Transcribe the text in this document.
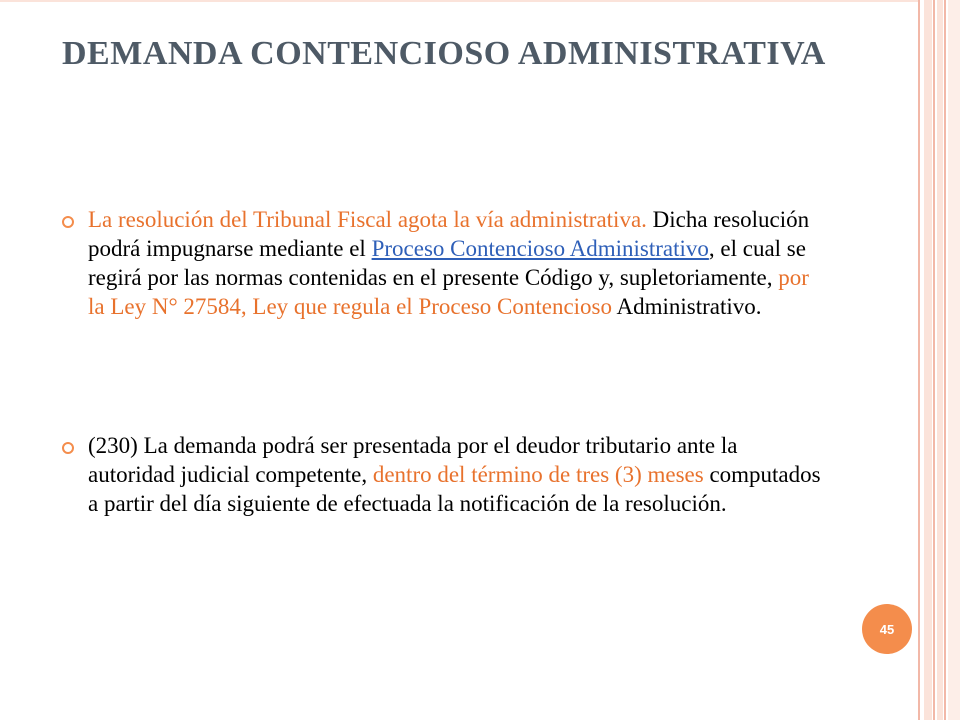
DEMANDA CONTENCIOSO ADMINISTRATIVA
La resolución del Tribunal Fiscal agota la vía administrativa. Dicha resolución podrá impugnarse mediante el Proceso Contencioso Administrativo, el cual se regirá por las normas contenidas en el presente Código y, supletoriamente, por la Ley N° 27584, Ley que regula el Proceso Contencioso Administrativo.
(230) La demanda podrá ser presentada por el deudor tributario ante la autoridad judicial competente, dentro del término de tres (3) meses computados a partir del día siguiente de efectuada la notificación de la resolución.
45
